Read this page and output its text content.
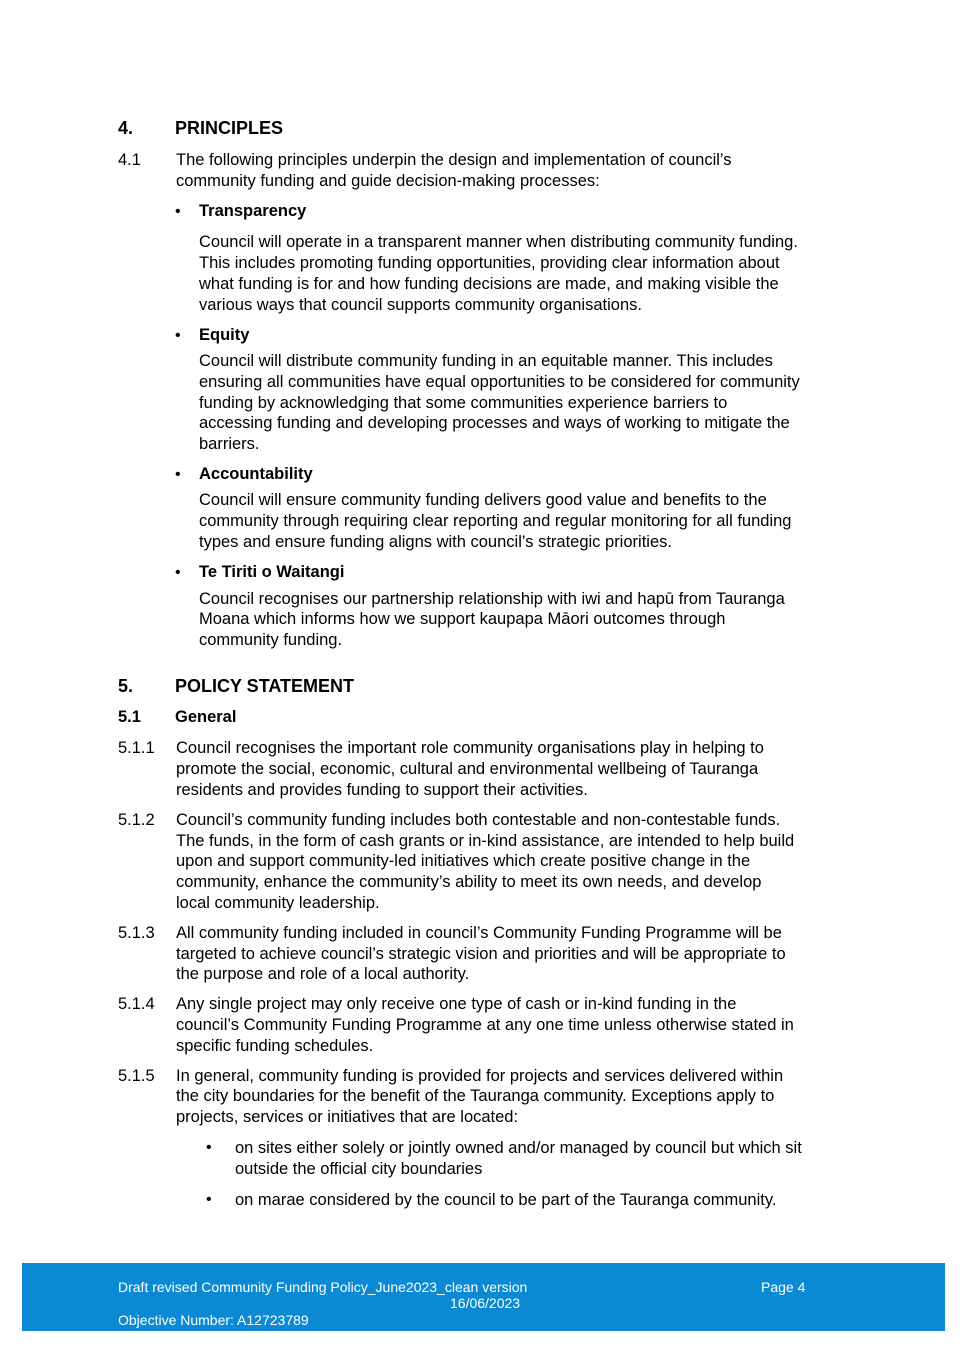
4. PRINCIPLES
4.1 The following principles underpin the design and implementation of council’s
community funding and guide decision-making processes:
• Transparency
Council will operate in a transparent manner when distributing community funding.
This includes promoting funding opportunities, providing clear information about
what funding is for and how funding decisions are made, and making visible the
various ways that council supports community organisations.
• Equity
Council will distribute community funding in an equitable manner. This includes
ensuring all communities have equal opportunities to be considered for community
funding by acknowledging that some communities experience barriers to
accessing funding and developing processes and ways of working to mitigate the
barriers.
• Accountability
Council will ensure community funding delivers good value and benefits to the
community through requiring clear reporting and regular monitoring for all funding
types and ensure funding aligns with council’s strategic priorities.
• Te Tiriti o Waitangi
Council recognises our partnership relationship with iwi and hapū from Tauranga
Moana which informs how we support kaupapa Māori outcomes through
community funding.
5. POLICY STATEMENT
5.1 General
5.1.1 Council recognises the important role community organisations play in helping to
promote the social, economic, cultural and environmental wellbeing of Tauranga
residents and provides funding to support their activities.
5.1.2 Council’s community funding includes both contestable and non-contestable funds.
The funds, in the form of cash grants or in-kind assistance, are intended to help build
upon and support community-led initiatives which create positive change in the
community, enhance the community’s ability to meet its own needs, and develop
local community leadership.
5.1.3 All community funding included in council’s Community Funding Programme will be
targeted to achieve council’s strategic vision and priorities and will be appropriate to
the purpose and role of a local authority.
5.1.4 Any single project may only receive one type of cash or in-kind funding in the
council’s Community Funding Programme at any one time unless otherwise stated in
specific funding schedules.
5.1.5 In general, community funding is provided for projects and services delivered within
the city boundaries for the benefit of the Tauranga community. Exceptions apply to
projects, services or initiatives that are located:
• on sites either solely or jointly owned and/or managed by council but which sit
outside the official city boundaries
• on marae considered by the council to be part of the Tauranga community.
Draft revised Community Funding Policy_June2023_clean version	Page 4
16/06/2023
Objective Number: A12723789
